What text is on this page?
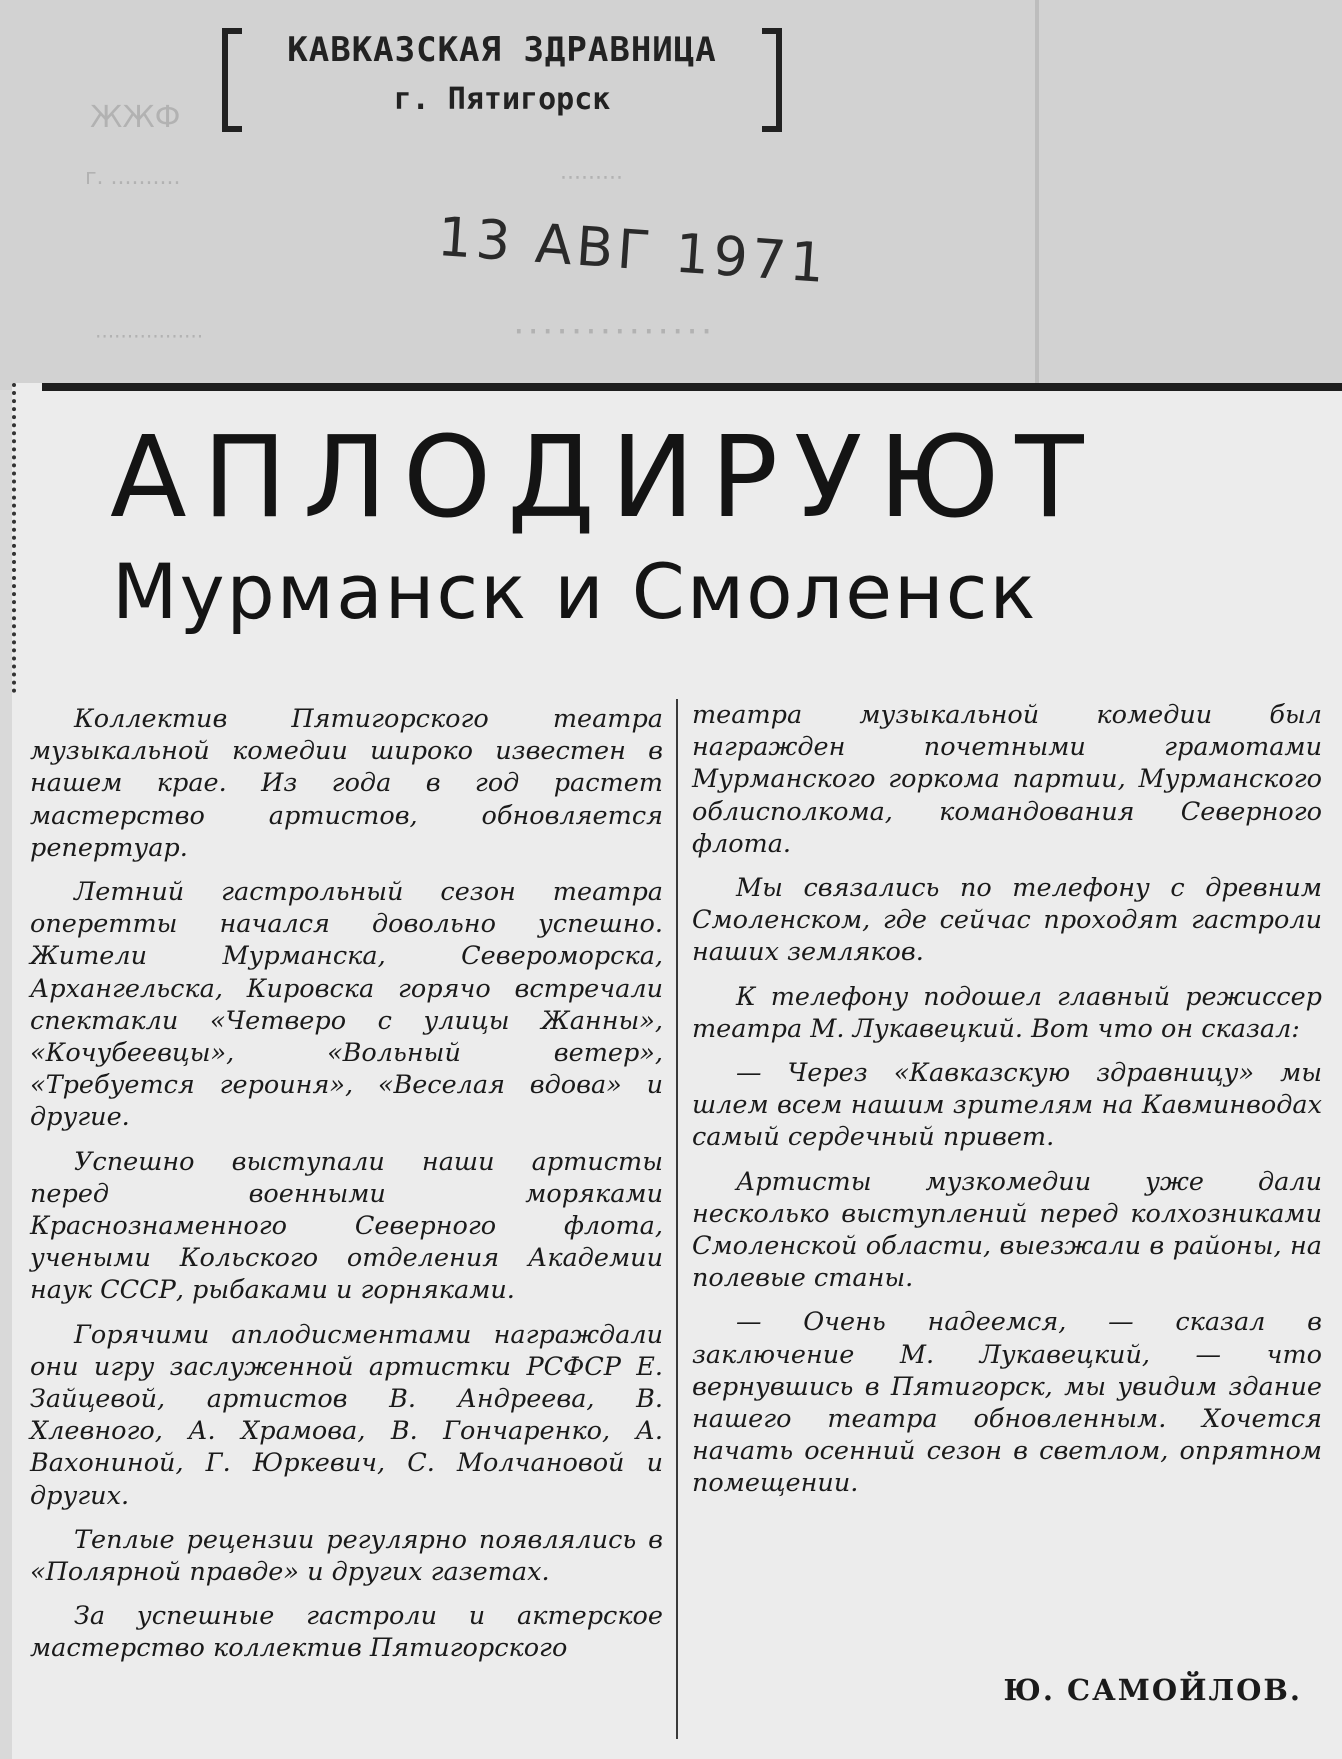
ЖЖФ
г. ..........	.........
.................	..............
КАВКАЗСКАЯ ЗДРАВНИЦА
г. Пятигорск
13 АВГ 1971
АПЛОДИРУЮТ
Мурманск и Смоленск

Коллектив Пятигорского театра музыкальной комедии широко известен в нашем крае. Из года в год растет мастерство артистов, обновляется репертуар.

Летний гастрольный сезон театра оперетты начался довольно успешно. Жители Мурманска, Североморска, Архангельска, Кировска горячо встречали спектакли «Четверо с улицы Жанны», «Кочубеевцы», «Вольный ветер», «Требуется героиня», «Веселая вдова» и другие.

Успешно выступали наши артисты перед военными моряками Краснознаменного Северного флота, учеными Кольского отделения Академии наук СССР, рыбаками и горняками.

Горячими аплодисментами награждали они игру заслуженной артистки РСФСР Е. Зайцевой, артистов В. Андреева, В. Хлевного, А. Храмова, В. Гончаренко, А. Вахониной, Г. Юркевич, С. Молчановой и других.

Теплые рецензии регулярно появлялись в «Полярной правде» и других газетах.

За успешные гастроли и актерское мастерство коллектив Пятигорского

театра музыкальной комедии был награжден почетными грамотами Мурманского горкома партии, Мурманского облисполкома, командования Северного флота.

Мы связались по телефону с древним Смоленском, где сейчас проходят гастроли наших земляков.

К телефону подошел главный режиссер театра М. Лукавецкий. Вот что он сказал:

— Через «Кавказскую здравницу» мы шлем всем нашим зрителям на Кавминводах самый сердечный привет.

Артисты музкомедии уже дали несколько выступлений перед колхозниками Смоленской области, выезжали в районы, на полевые станы.

— Очень надеемся, — сказал в заключение М. Лукавецкий, — что вернувшись в Пятигорск, мы увидим здание нашего театра обновленным. Хочется начать осенний сезон в светлом, опрятном помещении.

Ю. САМОЙЛОВ.
